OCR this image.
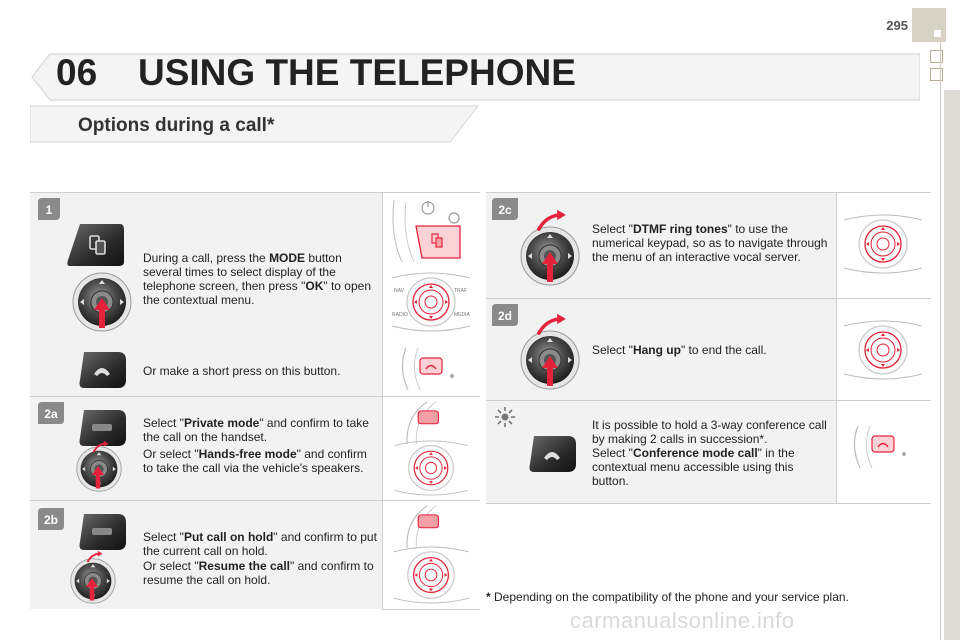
295
06 USING THE TELEPHONE
Options during a call*
1
2a
2b
2c
2d
During a call, press the MODE button several times to select display of the telephone screen, then press "OK" to open the contextual menu.
Or make a short press on this button.
NAV	TRAF
RADIO	MEDIA
Select "Private mode" and confirm to take the call on the handset.
Or select "Hands-free mode" and confirm to take the call via the vehicle's speakers.
Select "Put call on hold" and confirm to put the current call on hold.
Or select "Resume the call" and confirm to resume the call on hold.
Select "DTMF ring tones" to use the numerical keypad, so as to navigate through the menu of an interactive vocal server.
Select "Hang up" to end the call.
It is possible to hold a 3-way conference call by making 2 calls in succession*.
Select "Conference mode call" in the contextual menu accessible using this button.
* Depending on the compatibility of the phone and your service plan.
carmanualsonline.info
